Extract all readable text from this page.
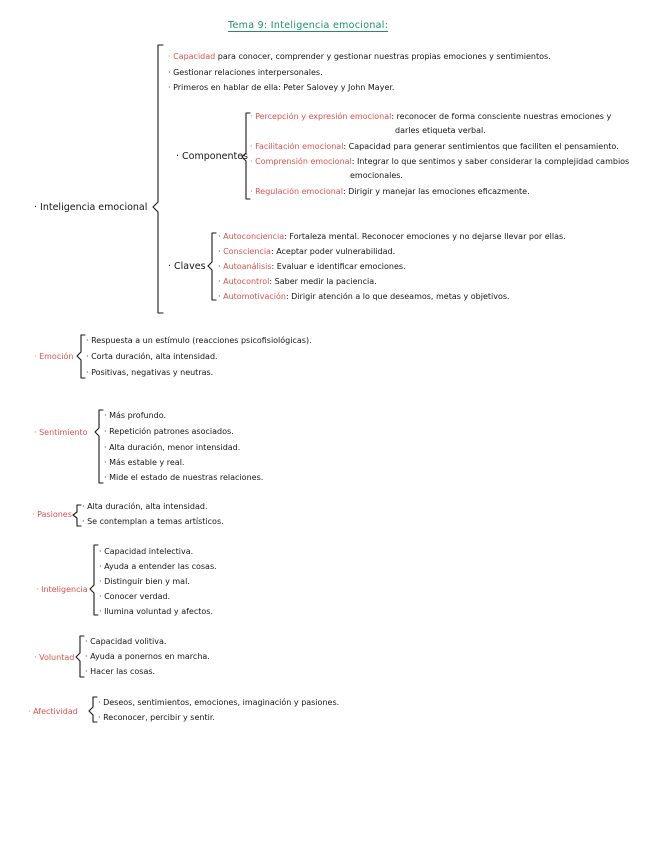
Tema 9: Inteligencia emocional:
· Inteligencia emocional
· Capacidad para conocer, comprender y gestionar nuestras propias emociones y sentimientos.
· Gestionar relaciones interpersonales.
· Primeros en hablar de ella: Peter Salovey y John Mayer.
· Componentes
· Percepción y expresión emocional: reconocer de forma consciente nuestras emociones y
darles etiqueta verbal.
· Facilitación emocional: Capacidad para generar sentimientos que faciliten el pensamiento.
· Comprensión emocional: Integrar lo que sentimos y saber considerar la complejidad cambios
emocionales.
· Regulación emocional: Dirigir y manejar las emociones eficazmente.
· Claves
· Autoconciencia: Fortaleza mental. Reconocer emociones y no dejarse llevar por ellas.
· Consciencia: Aceptar poder vulnerabilidad.
· Autoanálisis: Evaluar e identificar emociones.
· Autocontrol: Saber medir la paciencia.
· Automotivación: Dirigir atención a lo que deseamos, metas y objetivos.
· Emoción
· Respuesta a un estímulo (reacciones psicofisiológicas).
· Corta duración, alta intensidad.
· Positivas, negativas y neutras.
· Sentimiento
· Más profundo.
· Repetición patrones asociados.
· Alta duración, menor intensidad.
· Más estable y real.
· Mide el estado de nuestras relaciones.
· Pasiones
· Alta duración, alta intensidad.
· Se contemplan a temas artísticos.
· Inteligencia
· Capacidad intelectiva.
· Ayuda a entender las cosas.
· Distinguir bien y mal.
· Conocer verdad.
· Ilumina voluntad y afectos.
· Voluntad
· Capacidad volitiva.
· Ayuda a ponernos en marcha.
· Hacer las cosas.
· Afectividad
· Deseos, sentimientos, emociones, imaginación y pasiones.
· Reconocer, percibir y sentir.
